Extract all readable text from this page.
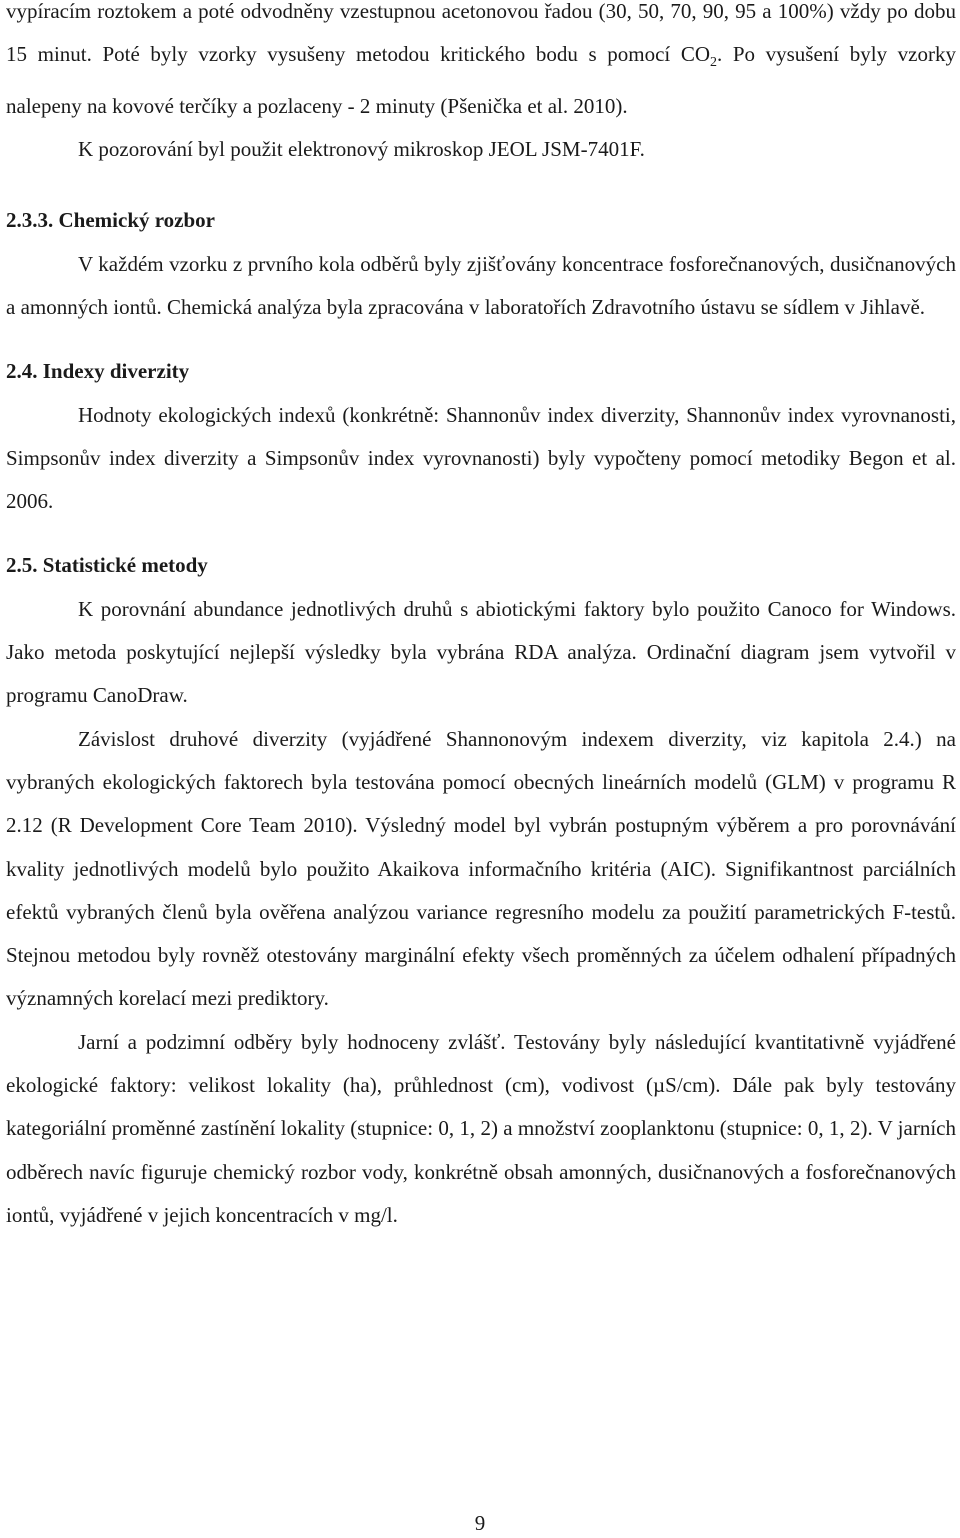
vypíracím roztokem a poté odvodněny vzestupnou acetonovou řadou (30, 50, 70, 90, 95 a 100%) vždy po dobu 15 minut. Poté byly vzorky vysušeny metodou kritického bodu s pomocí $CO_2$. Po vysušení byly vzorky nalepeny na kovové terčíky a pozlaceny - 2 minuty (Pšenička et al. 2010).

K pozorování byl použit elektronový mikroskop JEOL JSM-7401F.

2.3.3. Chemický rozbor

V každém vzorku z prvního kola odběrů byly zjišťovány koncentrace fosforečnanových, dusičnanových a amonných iontů. Chemická analýza byla zpracována v laboratořích Zdravotního ústavu se sídlem v Jihlavě.

2.4. Indexy diverzity

Hodnoty ekologických indexů (konkrétně: Shannonův index diverzity, Shannonův index vyrovnanosti, Simpsonův index diverzity a Simpsonův index vyrovnanosti) byly vypočteny pomocí metodiky Begon et al. 2006.

2.5. Statistické metody

K porovnání abundance jednotlivých druhů s abiotickými faktory bylo použito Canoco for Windows. Jako metoda poskytující nejlepší výsledky byla vybrána RDA analýza. Ordinační diagram jsem vytvořil v programu CanoDraw.

Závislost druhové diverzity (vyjádřené Shannonovým indexem diverzity, viz kapitola 2.4.) na vybraných ekologických faktorech byla testována pomocí obecných lineárních modelů (GLM) v programu R 2.12 (R Development Core Team 2010). Výsledný model byl vybrán postupným výběrem a pro porovnávání kvality jednotlivých modelů bylo použito Akaikova informačního kritéria (AIC). Signifikantnost parciálních efektů vybraných členů byla ověřena analýzou variance regresního modelu za použití parametrických F-testů. Stejnou metodou byly rovněž otestovány marginální efekty všech proměnných za účelem odhalení případných významných korelací mezi prediktory.

Jarní a podzimní odběry byly hodnoceny zvlášť. Testovány byly následující kvantitativně vyjádřené ekologické faktory: velikost lokality (ha), průhlednost (cm), vodivost (µS/cm). Dále pak byly testovány kategoriální proměnné zastínění lokality (stupnice: 0, 1, 2) a množství zooplanktonu (stupnice: 0, 1, 2). V jarních odběrech navíc figuruje chemický rozbor vody, konkrétně obsah amonných, dusičnanových a fosforečnanových iontů, vyjádřené v jejich koncentracích v mg/l.

9
